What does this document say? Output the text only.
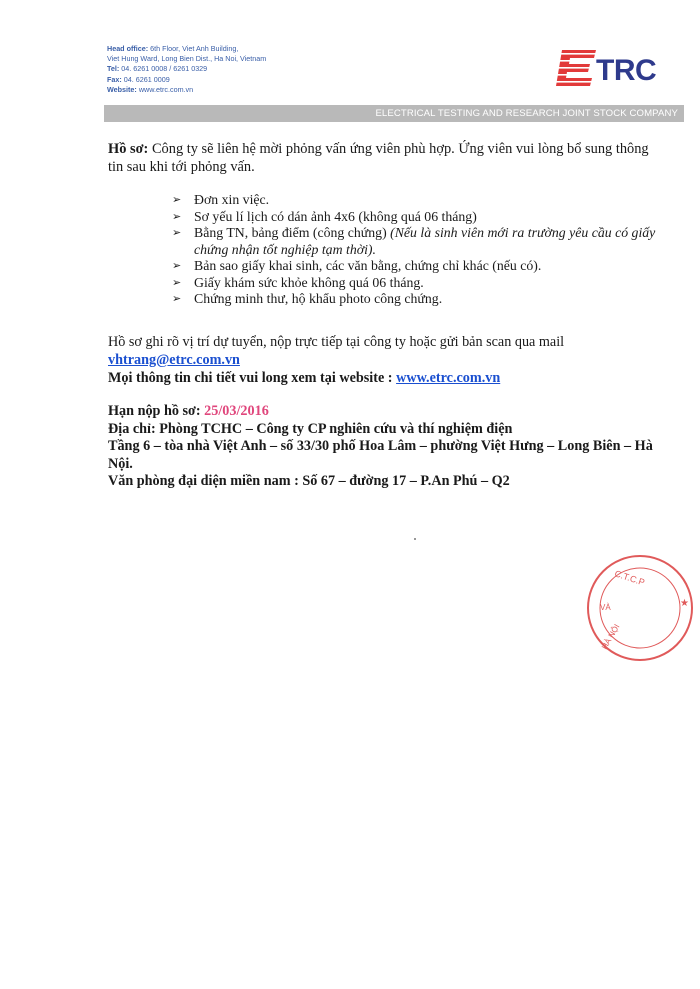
Head office: 6th Floor, Viet Anh Building,
Viet Hung Ward, Long Bien Dist., Ha Noi, Vietnam
Tel: 04. 6261 0008 / 6261 0329
Fax: 04. 6261 0009
Website: www.etrc.com.vn
TRC
ELECTRICAL TESTING AND RESEARCH JOINT STOCK COMPANY
Hồ sơ: Công ty sẽ liên hệ mời phỏng vấn ứng viên phù hợp. Ứng viên vui lòng bổ sung thông tin sau khi tới phỏng vấn.
➢ Đơn xin việc.
➢ Sơ yếu lí lịch có dán ảnh 4x6 (không quá 06 tháng)
➢ Bằng TN, bảng điểm (công chứng) (Nếu là sinh viên mới ra trường yêu cầu có giấy chứng nhận tốt nghiệp tạm thời).
➢ Bản sao giấy khai sinh, các văn bằng, chứng chỉ khác (nếu có).
➢ Giấy khám sức khỏe không quá 06 tháng.
➢ Chứng minh thư, hộ khẩu photo công chứng.
Hồ sơ ghi rõ vị trí dự tuyển, nộp trực tiếp tại công ty hoặc gửi bản scan qua mail vhtrang@etrc.com.vn
Mọi thông tin chi tiết vui long xem tại website : www.etrc.com.vn
Hạn nộp hồ sơ: 25/03/2016
Địa chỉ: Phòng TCHC – Công ty CP nghiên cứu và thí nghiệm điện
Tầng 6 – tòa nhà Việt Anh – số 33/30 phố Hoa Lâm – phường Việt Hưng – Long Biên – Hà Nội.
Văn phòng đại diện miền nam : Số 67 – đường 17 – P.An Phú – Q2
C.T.C.P
VÀ
HÀ NỘI
★
